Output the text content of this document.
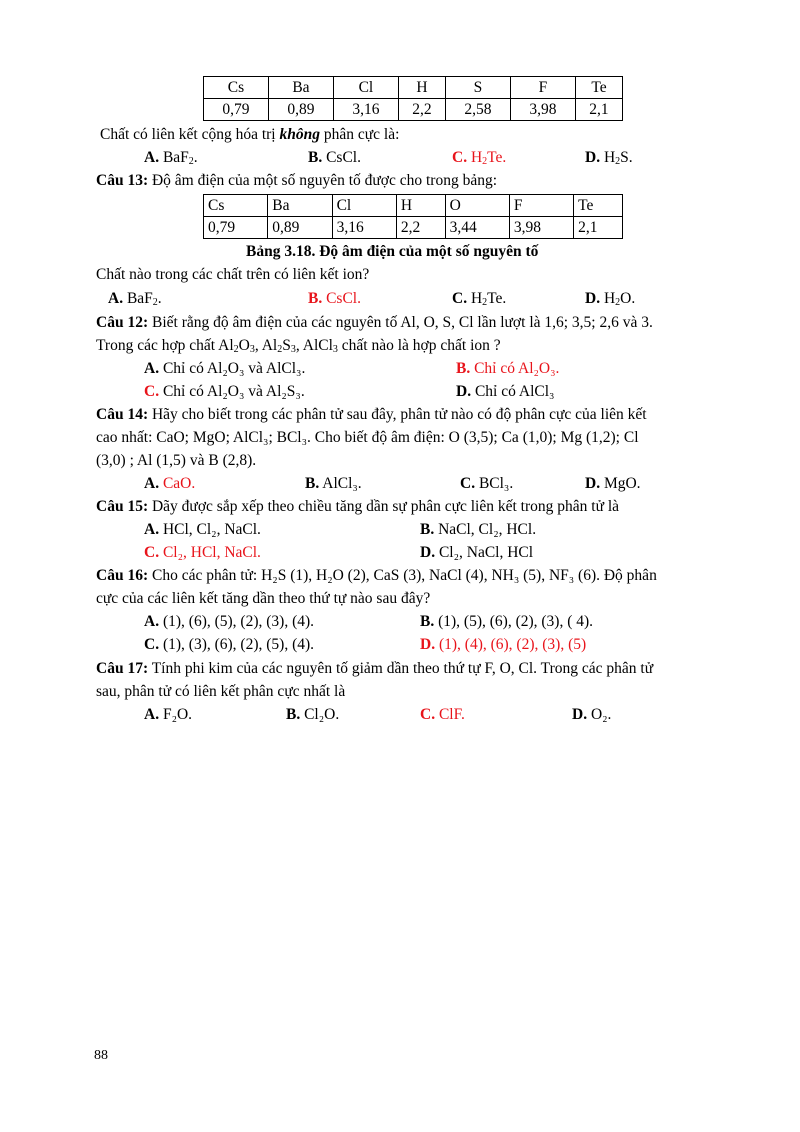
Cs	Ba	Cl	H	S	F	Te
0,79	0,89	3,16	2,2	2,58	3,98	2,1
Chất có liên kết cộng hóa trị không phân cực là:
A. BaF$_2$.	B. CsCl.	C. $H_2Te$.	D. $H_2S$.
Câu 13: Độ âm điện của một số nguyên tố được cho trong bảng:
Cs	Ba	Cl	H	O	F	Te
0,79	0,89	3,16	2,2	3,44	3,98	2,1
Bảng 3.18. Độ âm điện của một số nguyên tố
Chất nào trong các chất trên có liên kết ion?
A. BaF$_2$.	B. CsCl.	C. $H_2Te$.	D. $H_2O$.
Câu 12: Biết rằng độ âm điện của các nguyên tố Al, O, S, Cl lần lượt là 1,6; 3,5; 2,6 và 3.
Trong các hợp chất $Al_2O_3$, $Al_2S_3$, AlCl$_3$ chất nào là hợp chất ion ?
A. Chỉ có Al₂O₃ và AlCl₃.	B. Chỉ có Al₂O₃.
C. Chỉ có Al₂O₃ và Al₂S₃.	D. Chỉ có AlCl₃
Câu 14: Hãy cho biết trong các phân tử sau đây, phân tử nào có độ phân cực của liên kết
cao nhất: CaO; MgO; AlCl₃; BCl₃. Cho biết độ âm điện: O (3,5); Ca (1,0); Mg (1,2); Cl
(3,0) ; Al (1,5) và B (2,8).
A. CaO.	B. AlCl₃.	C. BCl₃.	D. MgO.
Câu 15: Dãy được sắp xếp theo chiều tăng dần sự phân cực liên kết trong phân tử là
A. HCl, Cl₂, NaCl.	B. NaCl, Cl₂, HCl.
C. Cl₂, HCl, NaCl.	D. Cl₂, NaCl, HCl
Câu 16: Cho các phân tử: H₂S (1), H₂O (2), CaS (3), NaCl (4), NH₃ (5), NF₃ (6). Độ phân
cực của các liên kết tăng dần theo thứ tự nào sau đây?
A. (1), (6), (5), (2), (3), (4).	B. (1), (5), (6), (2), (3), ( 4).
C. (1), (3), (6), (2), (5), (4).	D. (1), (4), (6), (2), (3), (5)
Câu 17: Tính phi kim của các nguyên tố giảm dần theo thứ tự F, O, Cl. Trong các phân tử
sau, phân tử có liên kết phân cực nhất là
A. F₂O.	B. Cl₂O.	C. ClF.	D. O₂.
88
